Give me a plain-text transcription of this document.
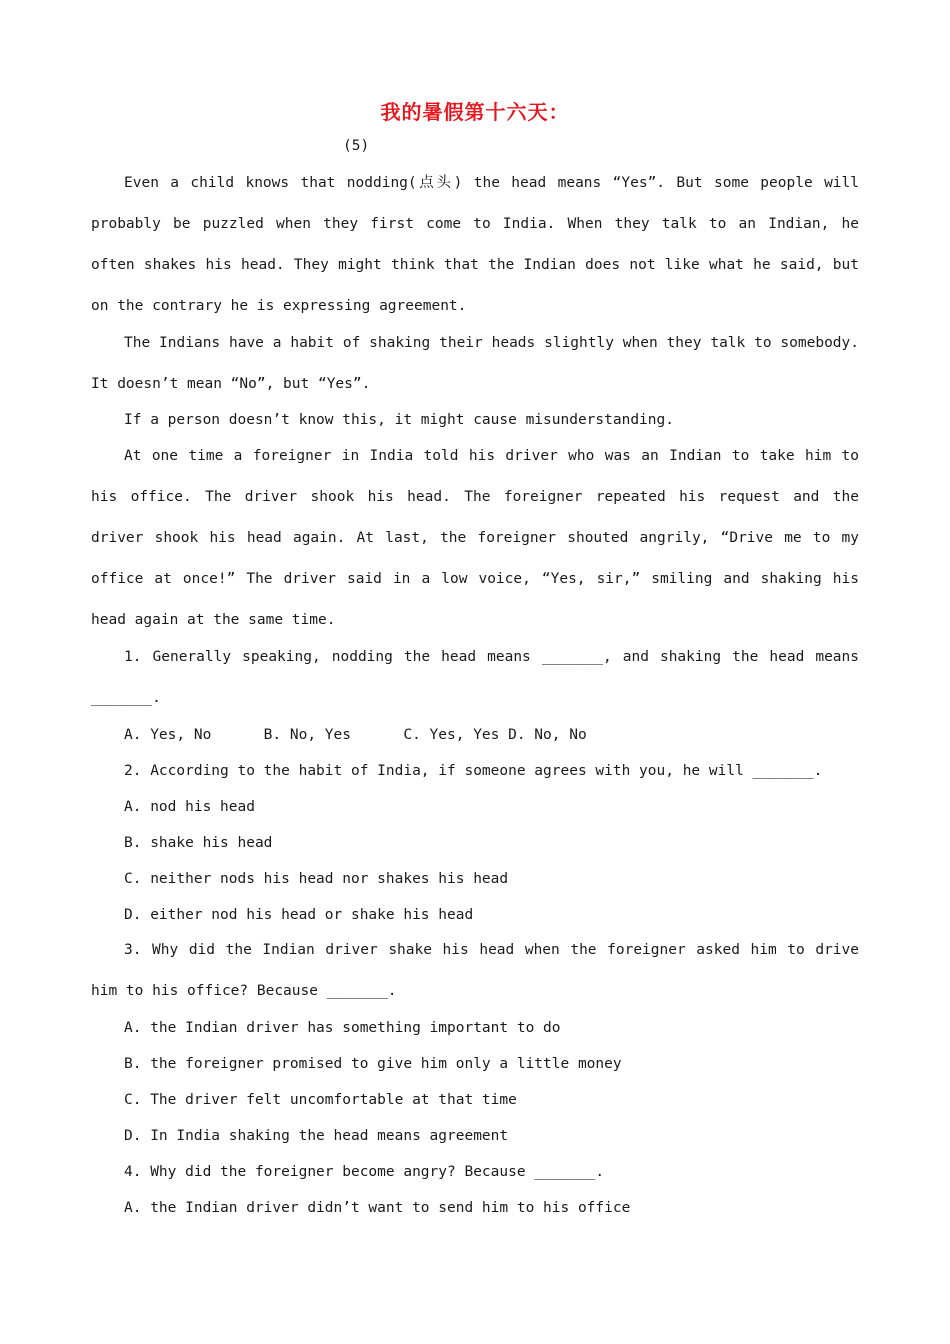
我的暑假第十六天：
(5)
Even a child knows that nodding(点头) the head means “Yes”. But some people will probably be puzzled when they first come to India. When they talk to an Indian, he often shakes his head. They might think that the Indian does not like what he said, but on the contrary he is expressing agreement.
The Indians have a habit of shaking their heads slightly when they talk to somebody. It doesn’t mean “No”, but “Yes”.
If a person doesn’t know this, it might cause misunderstanding.
At one time a foreigner in India told his driver who was an Indian to take him to his office. The driver shook his head. The foreigner repeated his request and the driver shook his head again. At last, the foreigner shouted angrily, “Drive me to my office at once!” The driver said in a low voice, “Yes, sir,” smiling and shaking his head again at the same time.
1. Generally speaking, nodding the head means _______, and shaking the head means _______.
A. Yes, No      B. No, Yes      C. Yes, Yes D. No, No
2. According to the habit of India, if someone agrees with you, he will _______.
A. nod his head
B. shake his head
C. neither nods his head nor shakes his head
D. either nod his head or shake his head
3. Why did the Indian driver shake his head when the foreigner asked him to drive him to his office? Because _______.
A. the Indian driver has something important to do
B. the foreigner promised to give him only a little money
C. The driver felt uncomfortable at that time
D. In India shaking the head means agreement
4. Why did the foreigner become angry? Because _______.
A. the Indian driver didn’t want to send him to his office
